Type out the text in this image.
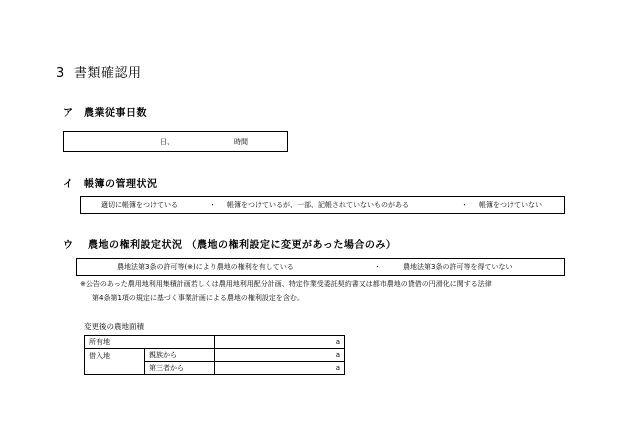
3 書類確認用
ア　農業従事日数
日、	時間
イ　帳簿の管理状況
適切に帳簿をつけている	・ 帳簿をつけているが、一部、記帳されていないものがある	・ 帳簿をつけていない
ウ　 農地の権利設定状況 （農地の権利設定に変更があった場合のみ）
農地法第3条の許可等(※)により農地の権利を有している	・	農地法第3条の許可等を得ていない
※公告のあった農用地利用集積計画若しくは農用地利用配分計画、特定作業受委託契約書又は都市農地の貸借の円滑化に関する法律
第4条第1項の規定に基づく事業計画による農地の権利設定を含む。
変更後の農地面積
所有地		a
借入地	親族から	a
	第三者から	a
